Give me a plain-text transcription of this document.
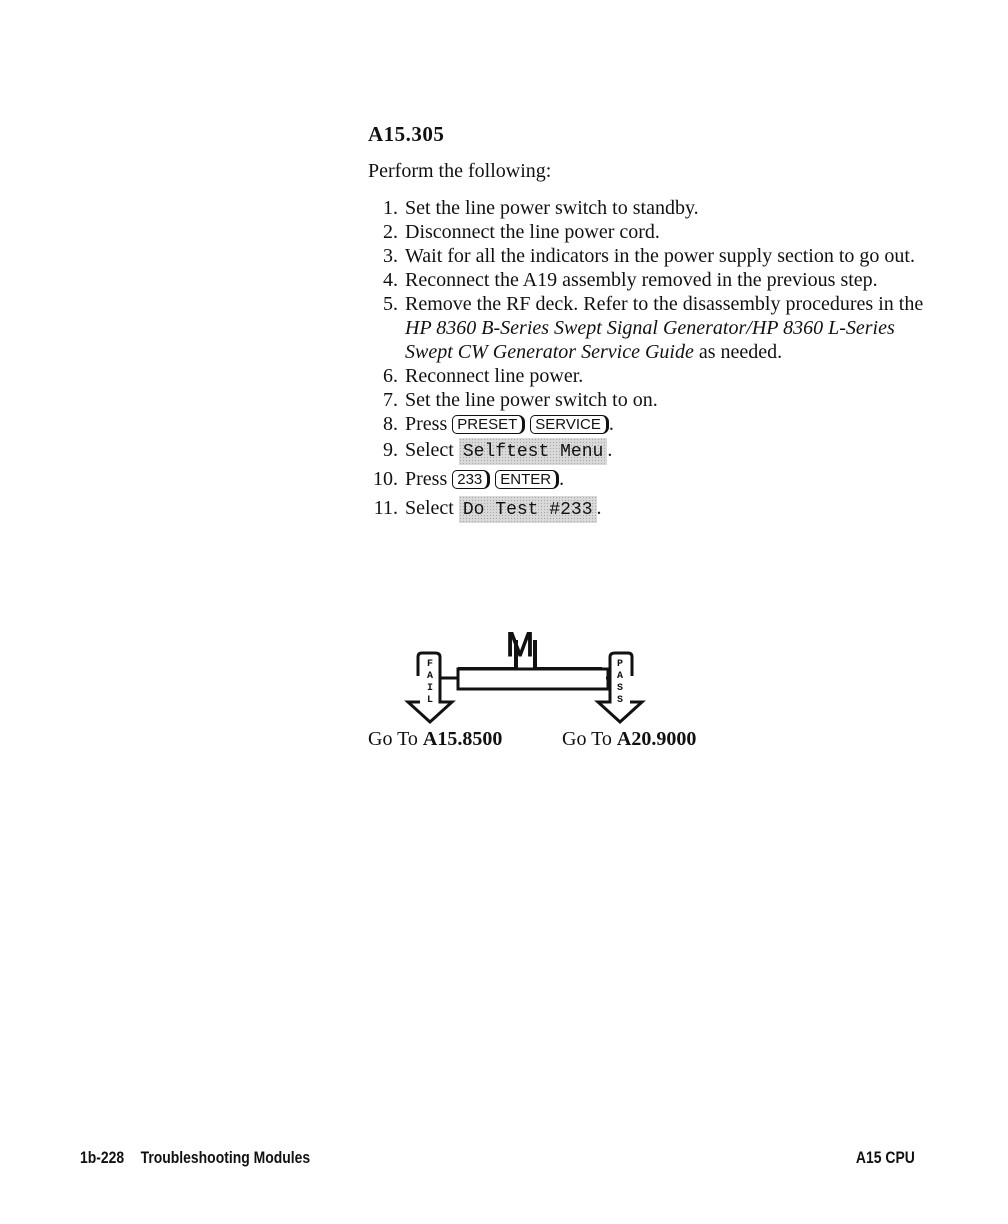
A15.305

Perform the following:

1. Set the line power switch to standby.
2. Disconnect the line power cord.
3. Wait for all the indicators in the power supply section to go out.
4. Reconnect the A19 assembly removed in the previous step.
5. Remove the RF deck. Refer to the disassembly procedures in the HP 8360 B-Series Swept Signal Generator/HP 8360 L-Series Swept CW Generator Service Guide as needed.
6. Reconnect line power.
7. Set the line power switch to on.
8. Press PRESET SERVICE .
9. Select Selftest Menu .
10. Press 233 ENTER .
11. Select Do Test #233 .
M
F
A
I
L
P
A
S
S

Go To A15.8500	Go To A20.9000

1b-228 Troubleshooting Modules	A15 CPU
